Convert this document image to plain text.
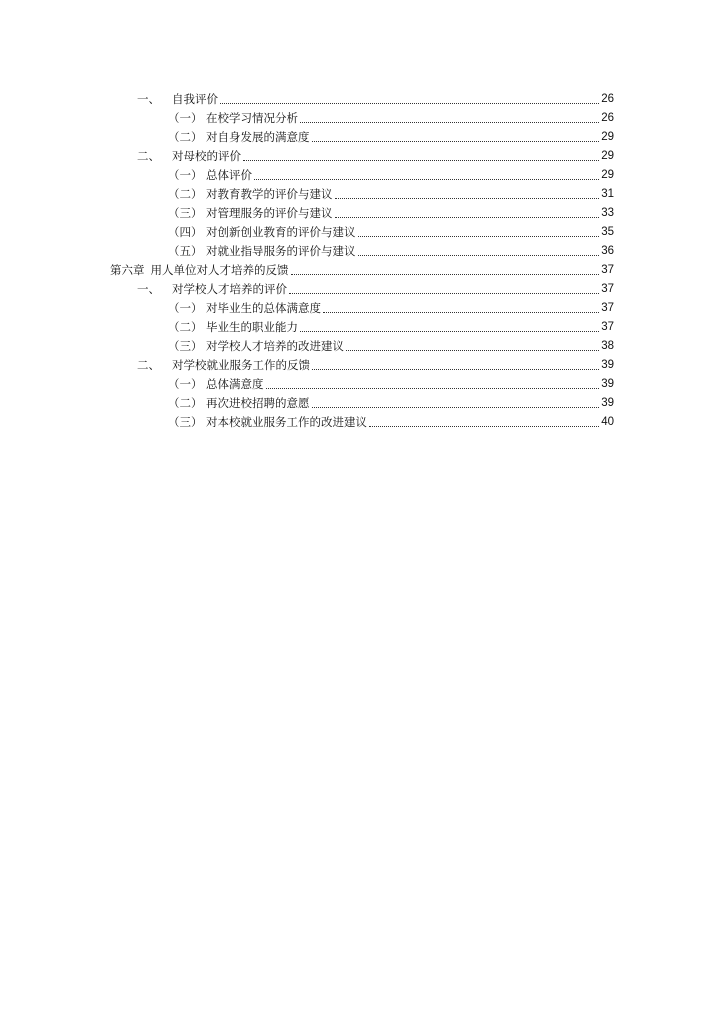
一、	自我评价	26
（一） 在校学习情况分析	26
（二） 对自身发展的满意度	29
二、	对母校的评价	29
（一） 总体评价	29
（二） 对教育教学的评价与建议	31
（三） 对管理服务的评价与建议	33
（四） 对创新创业教育的评价与建议	35
（五） 对就业指导服务的评价与建议	36
第六章 用人单位对人才培养的反馈	37
一、	对学校人才培养的评价	37
（一） 对毕业生的总体满意度	37
（二） 毕业生的职业能力	37
（三） 对学校人才培养的改进建议	38
二、	对学校就业服务工作的反馈	39
（一） 总体满意度	39
（二） 再次进校招聘的意愿	39
（三） 对本校就业服务工作的改进建议	40
